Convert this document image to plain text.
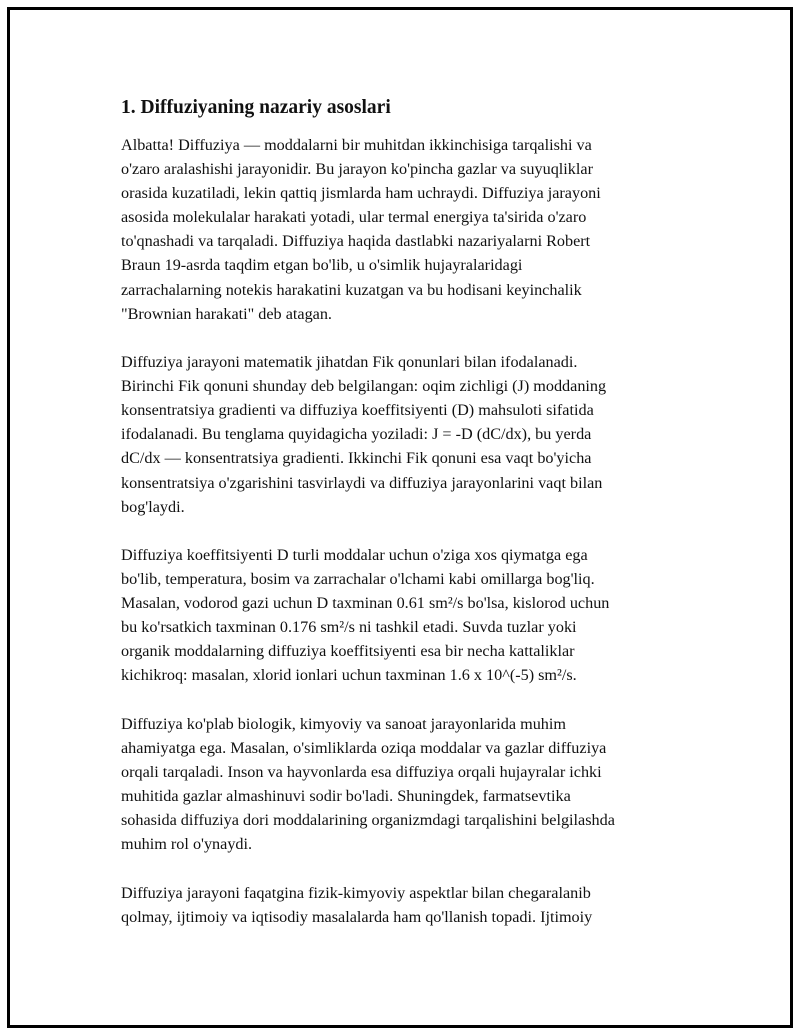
1. Diffuziyaning nazariy asoslari

Albatta! Diffuziya — moddalarni bir muhitdan ikkinchisiga tarqalishi va
o'zaro aralashishi jarayonidir. Bu jarayon ko'pincha gazlar va suyuqliklar
orasida kuzatiladi, lekin qattiq jismlarda ham uchraydi. Diffuziya jarayoni
asosida molekulalar harakati yotadi, ular termal energiya ta'sirida o'zaro
to'qnashadi va tarqaladi. Diffuziya haqida dastlabki nazariyalarni Robert
Braun 19-asrda taqdim etgan bo'lib, u o'simlik hujayralaridagi
zarrachalarning notekis harakatini kuzatgan va bu hodisani keyinchalik
"Brownian harakati" deb atagan.

Diffuziya jarayoni matematik jihatdan Fik qonunlari bilan ifodalanadi.
Birinchi Fik qonuni shunday deb belgilangan: oqim zichligi (J) moddaning
konsentratsiya gradienti va diffuziya koeffitsiyenti (D) mahsuloti sifatida
ifodalanadi. Bu tenglama quyidagicha yoziladi: J = -D (dC/dx), bu yerda
dC/dx — konsentratsiya gradienti. Ikkinchi Fik qonuni esa vaqt bo'yicha
konsentratsiya o'zgarishini tasvirlaydi va diffuziya jarayonlarini vaqt bilan
bog'laydi.

Diffuziya koeffitsiyenti D turli moddalar uchun o'ziga xos qiymatga ega
bo'lib, temperatura, bosim va zarrachalar o'lchami kabi omillarga bog'liq.
Masalan, vodorod gazi uchun D taxminan 0.61 sm²/s bo'lsa, kislorod uchun
bu ko'rsatkich taxminan 0.176 sm²/s ni tashkil etadi. Suvda tuzlar yoki
organik moddalarning diffuziya koeffitsiyenti esa bir necha kattaliklar
kichikroq: masalan, xlorid ionlari uchun taxminan 1.6 x 10^(-5) sm²/s.

Diffuziya ko'plab biologik, kimyoviy va sanoat jarayonlarida muhim
ahamiyatga ega. Masalan, o'simliklarda oziqa moddalar va gazlar diffuziya
orqali tarqaladi. Inson va hayvonlarda esa diffuziya orqali hujayralar ichki
muhitida gazlar almashinuvi sodir bo'ladi. Shuningdek, farmatsevtika
sohasida diffuziya dori moddalarining organizmdagi tarqalishini belgilashda
muhim rol o'ynaydi.

Diffuziya jarayoni faqatgina fizik-kimyoviy aspektlar bilan chegaralanib
qolmay, ijtimoiy va iqtisodiy masalalarda ham qo'llanish topadi. Ijtimoiy
